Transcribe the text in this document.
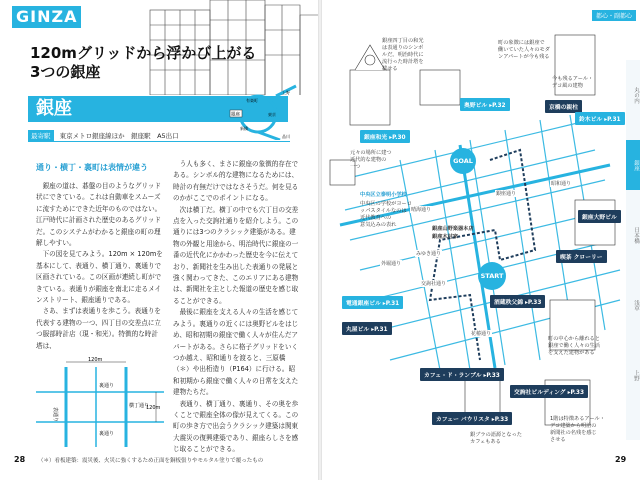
GINZA
120mグリッドから浮かび上がる
3つの銀座
銀座	銀座
有楽町
東京
上野
新橋
品川
最寄駅 東京メトロ銀座線ほか　銀座駅　A5出口
通り・横丁・裏町は表情が違う

銀座の道は、碁盤の目のようなグリッド状にできている。これは自動車をスムーズに流すためにできた近年のものではない。江戸時代に計画された歴史のあるグリッドだ。このシステムがわかると銀座の町の理解しやすい。

下の図を見てみよう。120m × 120mを基本にして、表通り、横丁通り、裏通りで区画されている。この区画が連続し町ができている。表通りが銀座を南北に走るメインストリート、銀座通りである。

さあ、まずは表通りを歩こう。表通りを代表する建物の一つ、四丁目の交差点に立つ服部時計店（現・和光）。特徴的な時計塔は、

う人も多く、まさに銀座の象徴的存在である。シンボル的な建物になるためには、時計の有無だけではなさそうだ。何を見るのかがここでのポイントになる。

次は横丁だ。横丁の中でも穴丁目の交差点を入った交詢社通りを紹介しよう。この通りには3つのクラシック建築がある。建物の外観と用途から、明治時代に銀座の一番の近代化にかかわった歴史を今に伝えており、新聞社を生み出した表通りの発展と強く関わってきた、このエリアにある建物は、新聞社を主とした報道の歴史を感じ取ることができる。

最後に銀座を支える人々の生活を感じてみよう。裏通りの近くには奥野ビルをはじめ、昭和初期の銀座で働く人々が住んだアパートがある。さらに格子グリッドをいくつか越え、昭和通りを渡ると、三原橋（＊）や出桁造り（P164）に行ける。昭和初期から銀座で働く人々の日常を支えた建物たちだ。

表通り、横丁通り、裏通り、その奥を歩くことで銀座全体の像が見えてくる。この町の歩き方で出会うクラシック建築は関東大震災の復興建築であり、銀座らしさを感じ取ることができる。

120m
表通り
裏通り
横丁通り
120m
裏通り
28 （＊）看板建築：震災後、火災に強くするため正面を銅板張りやモルタル塗りで覆ったもの
都心・副都心
丸の内
銀座
日本橋
浅草
上野
GOAL
START
奥野ビル ▸P.32
銀座和光 ▸P.30
京橋の親柱
鈴木ビル ▸P.31
銀座山野楽器本店
銀座木村家
交詢社通り
電通銀座ビル ▸P.31
丸屋ビル ▸P.31
カフェ・ド・ランブル ▸P.33
カフェー パウリスタ ▸P.33
喫茶 クローリー
酒蔵秩父錦 ▸P.33
交詢社ビルディング ▸P.33
中央区立泰明小学校
銀座大野ビル
晴海通り
外堀通り
銀座通り
昭和通り
みゆき通り
花椿通り
銀座四丁目の和光
は表通りのシンボ
ルだ。明治時代に
流行った時計塔を
載せる
町の象徴には銀座で
働いていた人々のモダ
ンアパートが今も残る
今も残るアール・
デコ風の建物
町の中心から離れると
銀座で働く人々の生活
を支えた建物がある
1階は特徴あるアール・
デコ建築から明治の
新聞社の名残を感じ
させる
銀ブラの語源となった
カフェもある
元々の場所に建つ
近代的な建物の
一つ
中央区の学校がヨーロ
ッパスタイルなのは
近代教育への
意気込みの表れ
29
